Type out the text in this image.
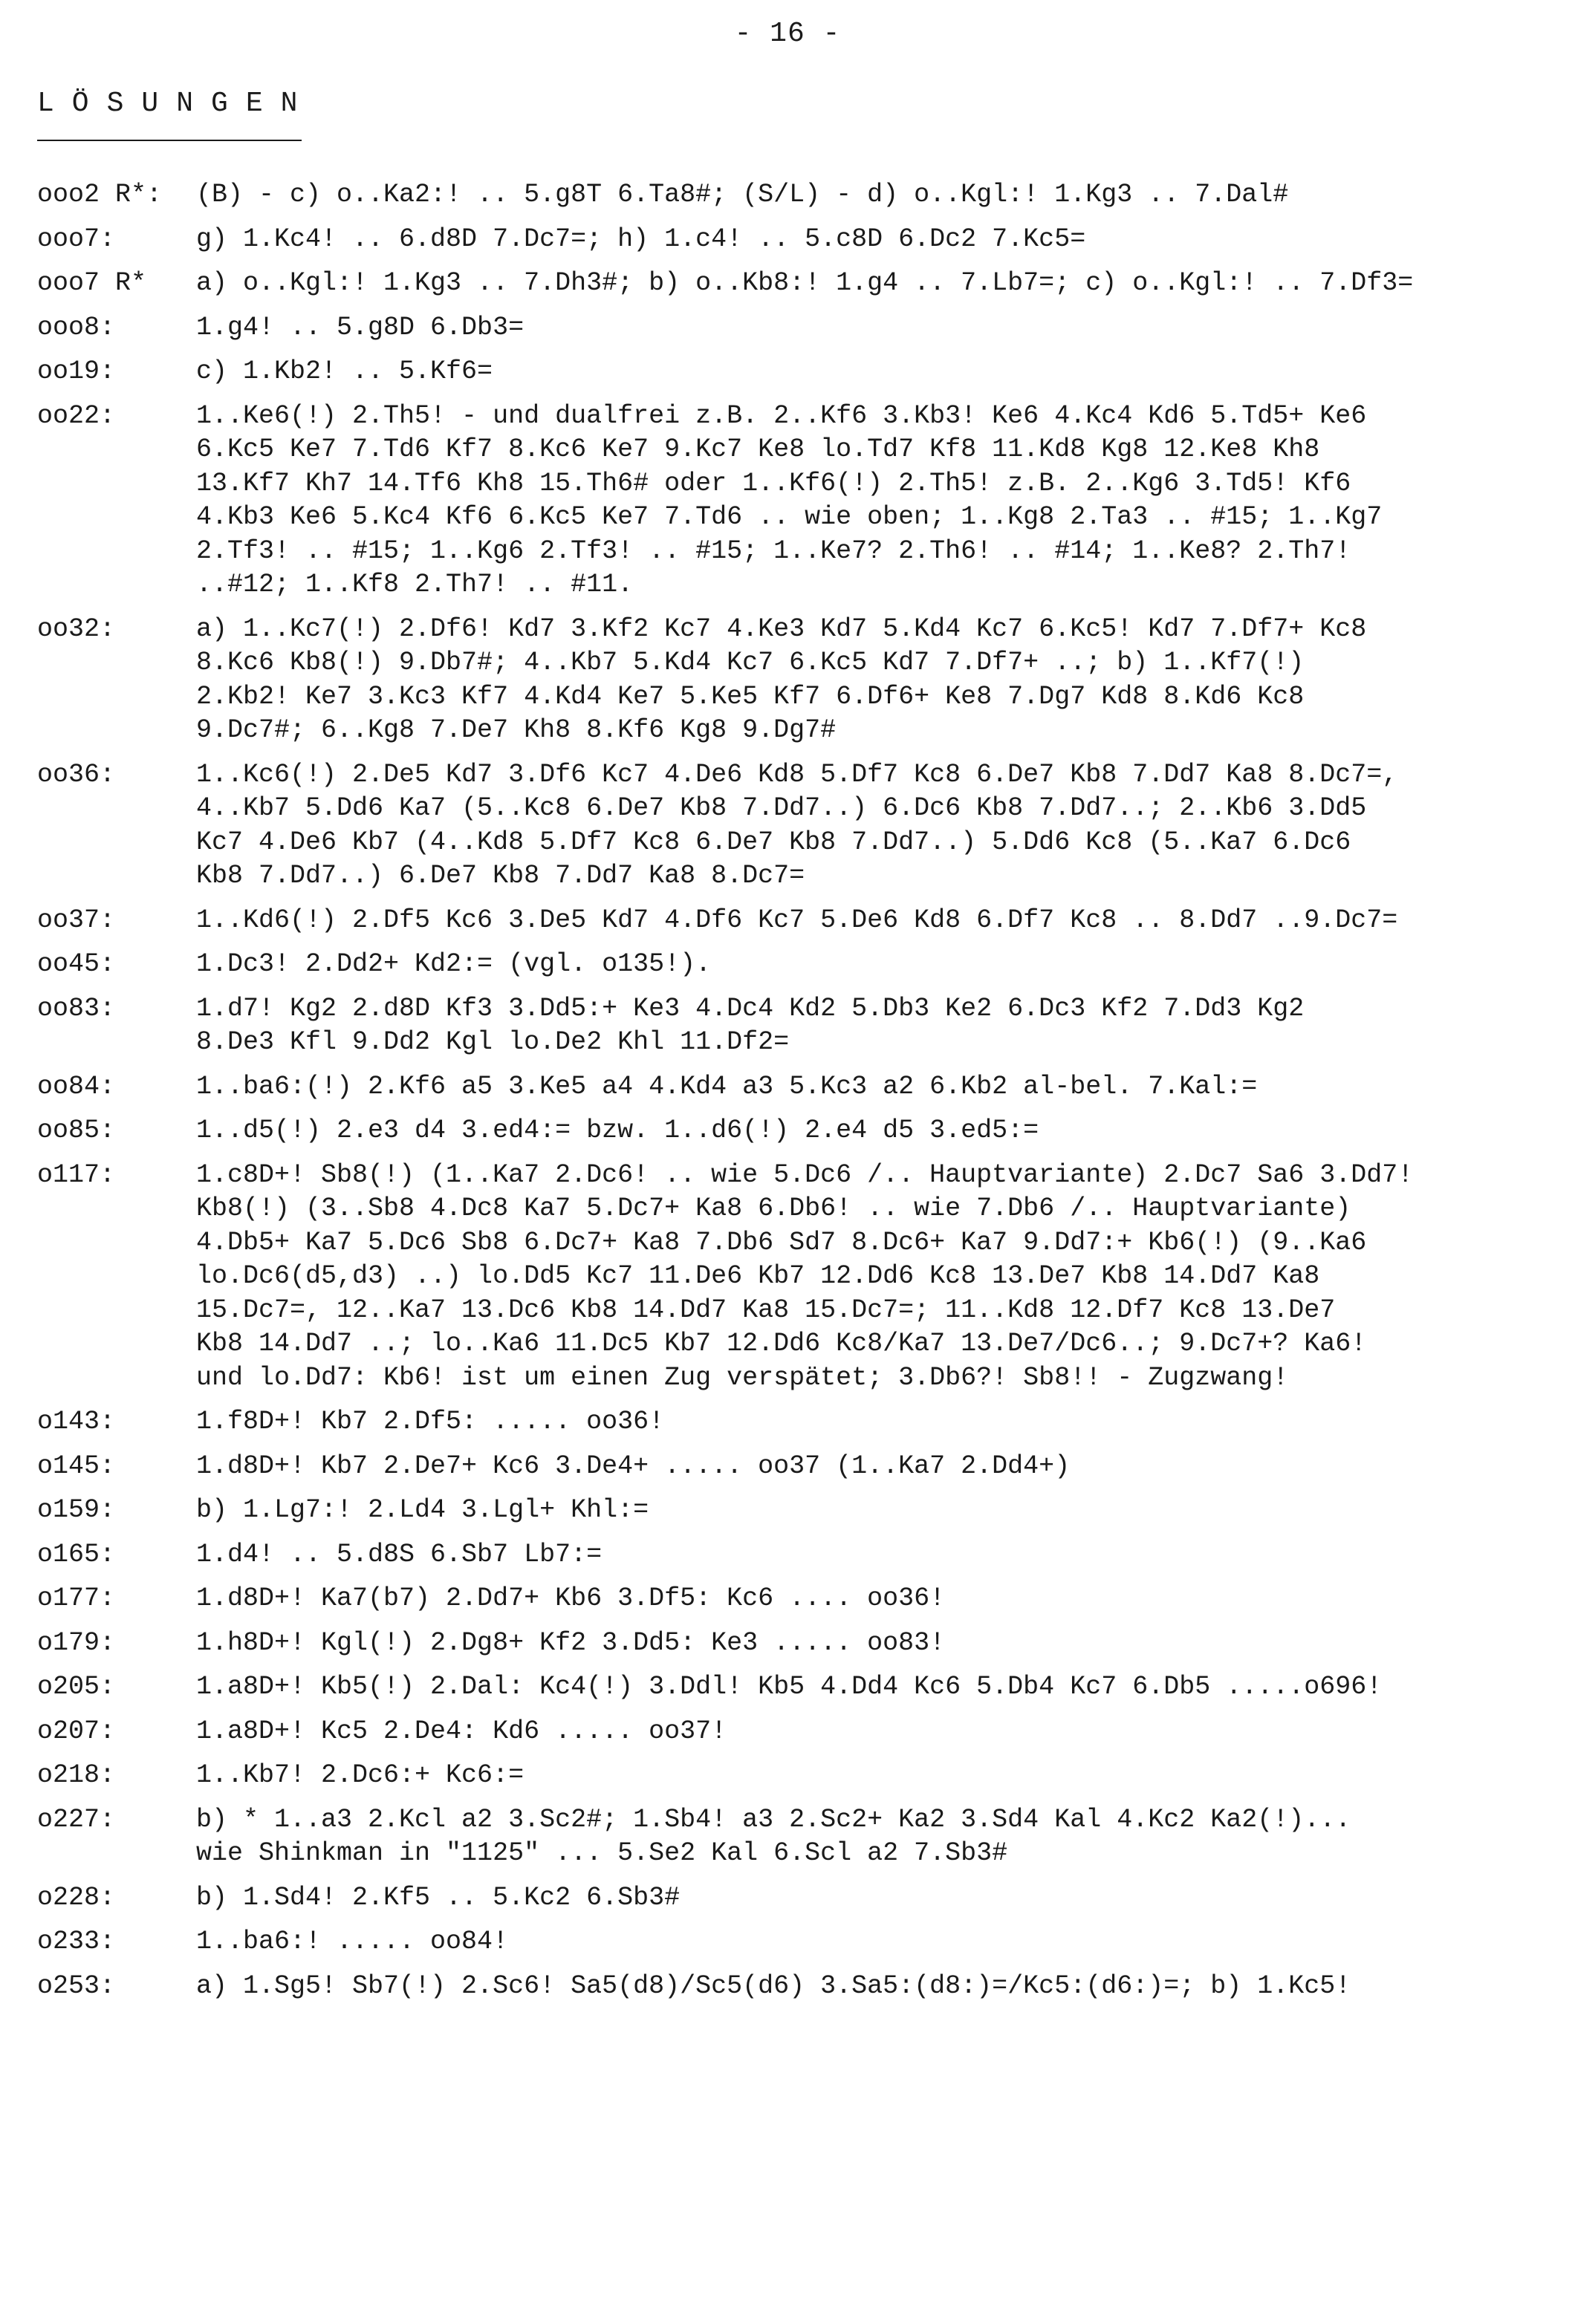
- 16 -
LÖSUNGEN
ooo2 R*:	(B) - c) o..Ka2:! .. 5.g8T 6.Ta8#; (S/L) - d) o..Kgl:! 1.Kg3 .. 7.Dal#
ooo7:	g) 1.Kc4! .. 6.d8D 7.Dc7=; h) 1.c4! .. 5.c8D 6.Dc2 7.Kc5=
ooo7 R*	a) o..Kgl:! 1.Kg3 .. 7.Dh3#; b) o..Kb8:! 1.g4 .. 7.Lb7=; c) o..Kgl:! .. 7.Df3=
ooo8:	1.g4! .. 5.g8D 6.Db3=
oo19:	c) 1.Kb2! .. 5.Kf6=
oo22:	1..Ke6(!) 2.Th5! - und dualfrei z.B. 2..Kf6 3.Kb3! Ke6 4.Kc4 Kd6 5.Td5+ Ke6
6.Kc5 Ke7 7.Td6 Kf7 8.Kc6 Ke7 9.Kc7 Ke8 lo.Td7 Kf8 11.Kd8 Kg8 12.Ke8 Kh8
13.Kf7 Kh7 14.Tf6 Kh8 15.Th6# oder 1..Kf6(!) 2.Th5! z.B. 2..Kg6 3.Td5! Kf6
4.Kb3 Ke6 5.Kc4 Kf6 6.Kc5 Ke7 7.Td6 .. wie oben; 1..Kg8 2.Ta3 .. #15; 1..Kg7
2.Tf3! .. #15; 1..Kg6 2.Tf3! .. #15; 1..Ke7? 2.Th6! .. #14; 1..Ke8? 2.Th7!
..#12; 1..Kf8 2.Th7! .. #11.
oo32:	a) 1..Kc7(!) 2.Df6! Kd7 3.Kf2 Kc7 4.Ke3 Kd7 5.Kd4 Kc7 6.Kc5! Kd7 7.Df7+ Kc8
8.Kc6 Kb8(!) 9.Db7#; 4..Kb7 5.Kd4 Kc7 6.Kc5 Kd7 7.Df7+ ..; b) 1..Kf7(!)
2.Kb2! Ke7 3.Kc3 Kf7 4.Kd4 Ke7 5.Ke5 Kf7 6.Df6+ Ke8 7.Dg7 Kd8 8.Kd6 Kc8
9.Dc7#; 6..Kg8 7.De7 Kh8 8.Kf6 Kg8 9.Dg7#
oo36:	1..Kc6(!) 2.De5 Kd7 3.Df6 Kc7 4.De6 Kd8 5.Df7 Kc8 6.De7 Kb8 7.Dd7 Ka8 8.Dc7=,
4..Kb7 5.Dd6 Ka7 (5..Kc8 6.De7 Kb8 7.Dd7..) 6.Dc6 Kb8 7.Dd7..; 2..Kb6 3.Dd5
Kc7 4.De6 Kb7 (4..Kd8 5.Df7 Kc8 6.De7 Kb8 7.Dd7..) 5.Dd6 Kc8 (5..Ka7 6.Dc6
Kb8 7.Dd7..) 6.De7 Kb8 7.Dd7 Ka8 8.Dc7=
oo37:	1..Kd6(!) 2.Df5 Kc6 3.De5 Kd7 4.Df6 Kc7 5.De6 Kd8 6.Df7 Kc8 .. 8.Dd7 ..9.Dc7=
oo45:	1.Dc3! 2.Dd2+ Kd2:= (vgl. o135!).
oo83:	1.d7! Kg2 2.d8D Kf3 3.Dd5:+ Ke3 4.Dc4 Kd2 5.Db3 Ke2 6.Dc3 Kf2 7.Dd3 Kg2
8.De3 Kfl 9.Dd2 Kgl lo.De2 Khl 11.Df2=
oo84:	1..ba6:(!) 2.Kf6 a5 3.Ke5 a4 4.Kd4 a3 5.Kc3 a2 6.Kb2 al-bel. 7.Kal:=
oo85:	1..d5(!) 2.e3 d4 3.ed4:= bzw. 1..d6(!) 2.e4 d5 3.ed5:=
o117:	1.c8D+! Sb8(!) (1..Ka7 2.Dc6! .. wie 5.Dc6 /.. Hauptvariante) 2.Dc7 Sa6 3.Dd7!
Kb8(!) (3..Sb8 4.Dc8 Ka7 5.Dc7+ Ka8 6.Db6! .. wie 7.Db6 /.. Hauptvariante)
4.Db5+ Ka7 5.Dc6 Sb8 6.Dc7+ Ka8 7.Db6 Sd7 8.Dc6+ Ka7 9.Dd7:+ Kb6(!) (9..Ka6
lo.Dc6(d5,d3) ..) lo.Dd5 Kc7 11.De6 Kb7 12.Dd6 Kc8 13.De7 Kb8 14.Dd7 Ka8
15.Dc7=, 12..Ka7 13.Dc6 Kb8 14.Dd7 Ka8 15.Dc7=; 11..Kd8 12.Df7 Kc8 13.De7
Kb8 14.Dd7 ..; lo..Ka6 11.Dc5 Kb7 12.Dd6 Kc8/Ka7 13.De7/Dc6..; 9.Dc7+? Ka6!
und lo.Dd7: Kb6! ist um einen Zug verspätet; 3.Db6?! Sb8!! - Zugzwang!
o143:	1.f8D+! Kb7 2.Df5: ..... oo36!
o145:	1.d8D+! Kb7 2.De7+ Kc6 3.De4+ ..... oo37 (1..Ka7 2.Dd4+)
o159:	b) 1.Lg7:! 2.Ld4 3.Lgl+ Khl:=
o165:	1.d4! .. 5.d8S 6.Sb7 Lb7:=
o177:	1.d8D+! Ka7(b7) 2.Dd7+ Kb6 3.Df5: Kc6 .... oo36!
o179:	1.h8D+! Kgl(!) 2.Dg8+ Kf2 3.Dd5: Ke3 ..... oo83!
o205:	1.a8D+! Kb5(!) 2.Dal: Kc4(!) 3.Ddl! Kb5 4.Dd4 Kc6 5.Db4 Kc7 6.Db5 .....o696!
o207:	1.a8D+! Kc5 2.De4: Kd6 ..... oo37!
o218:	1..Kb7! 2.Dc6:+ Kc6:=
o227:	b) * 1..a3 2.Kcl a2 3.Sc2#; 1.Sb4! a3 2.Sc2+ Ka2 3.Sd4 Kal 4.Kc2 Ka2(!)...
wie Shinkman in "1125" ... 5.Se2 Kal 6.Scl a2 7.Sb3#
o228:	b) 1.Sd4! 2.Kf5 .. 5.Kc2 6.Sb3#
o233:	1..ba6:! ..... oo84!
o253:	a) 1.Sg5! Sb7(!) 2.Sc6! Sa5(d8)/Sc5(d6) 3.Sa5:(d8:)=/Kc5:(d6:)=; b) 1.Kc5!
